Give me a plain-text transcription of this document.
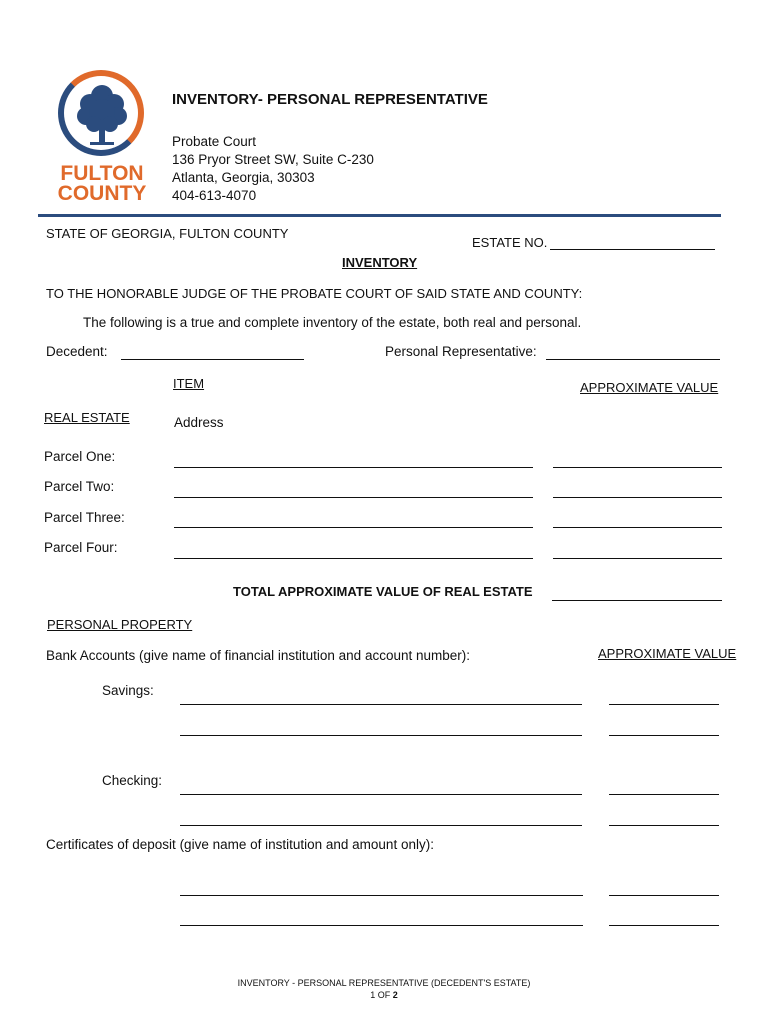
FULTON
COUNTY
INVENTORY- PERSONAL REPRESENTATIVE
Probate Court
136 Pryor Street SW, Suite C-230
Atlanta, Georgia, 30303
404-613-4070
STATE OF GEORGIA, FULTON COUNTY
ESTATE NO.
INVENTORY
TO THE HONORABLE JUDGE OF THE PROBATE COURT OF SAID STATE AND COUNTY:
The following is a true and complete inventory of the estate, both real and personal.
Decedent:	Personal Representative:
ITEM	APPROXIMATE VALUE
REAL ESTATE	Address
Parcel One:
Parcel Two:
Parcel Three:
Parcel Four:
TOTAL APPROXIMATE VALUE OF REAL ESTATE
PERSONAL PROPERTY
Bank Accounts (give name of financial institution and account number):	APPROXIMATE VALUE
Savings:
Checking:
Certificates of deposit (give name of institution and amount only):
INVENTORY - PERSONAL REPRESENTATIVE (DECEDENT'S ESTATE)
1 OF 2
